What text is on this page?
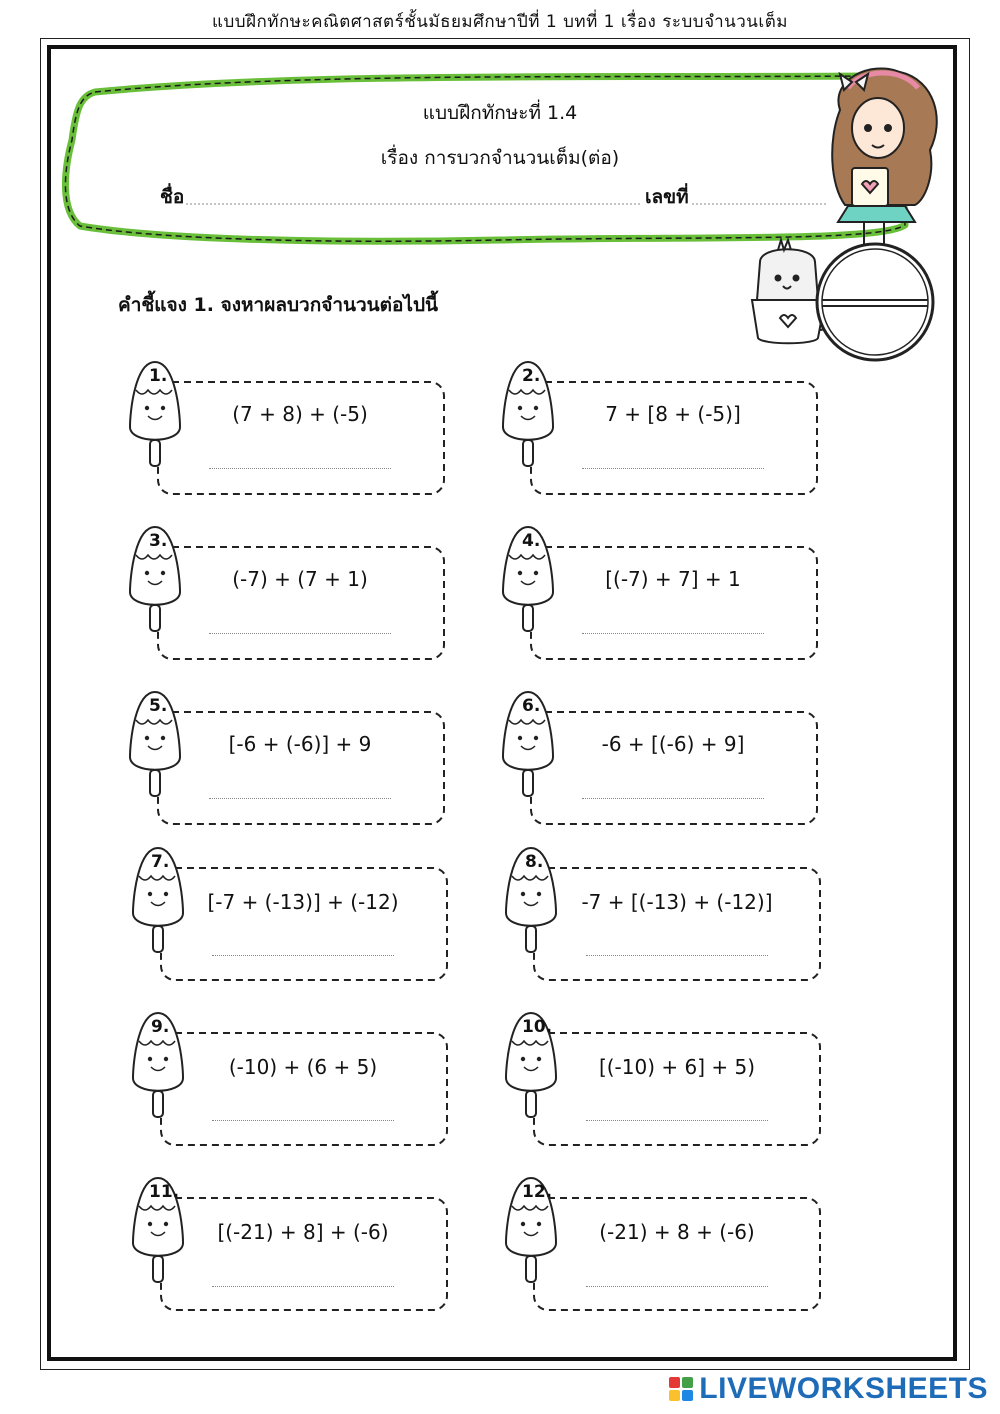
แบบฝึกทักษะคณิตศาสตร์ชั้นมัธยมศึกษาปีที่ 1 บทที่ 1 เรื่อง ระบบจำนวนเต็ม
แบบฝึกทักษะที่ 1.4
เรื่อง การบวกจำนวนเต็ม(ต่อ)
ชื่อ	เลขที่
คำชี้แจง 1. จงหาผลบวกจำนวนต่อไปนี้
1.
(7 + 8) + (-5)
2.
7 + [8 + (-5)]
3.
(-7) + (7 + 1)
4.
[(-7) + 7] + 1
5.
[-6 + (-6)] + 9
6.
-6 + [(-6) + 9]
7.
[-7 + (-13)] + (-12)
8.
-7 + [(-13) + (-12)]
9.
(-10) + (6 + 5)
10.
[(-10) + 6] + 5)
11.
[(-21) + 8] + (-6)
12.
(-21) + 8 + (-6)
LIVEWORKSHEETS
